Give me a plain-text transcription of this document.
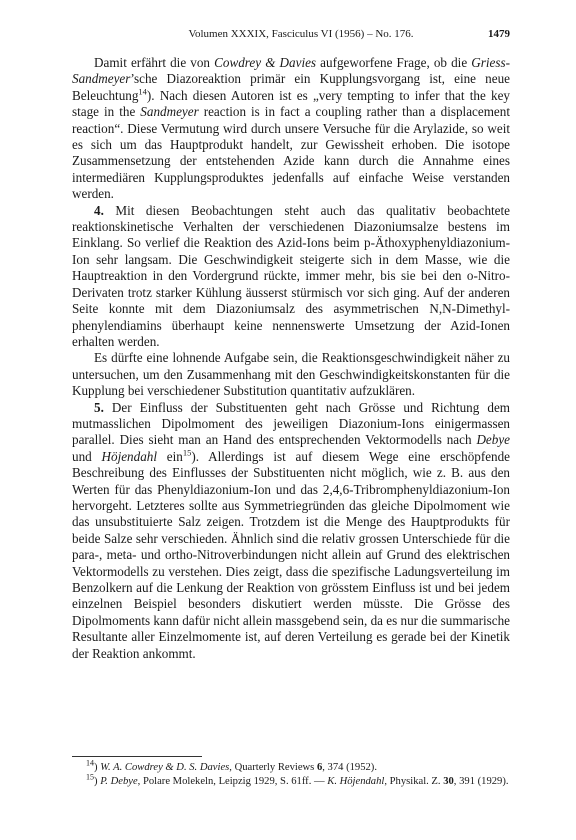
Volumen XXXIX, Fasciculus VI (1956) – No. 176.	1479

Damit erfährt die von Cowdrey & Davies aufgeworfene Frage, ob die Griess-Sandmeyer’sche Diazoreaktion primär ein Kupplungsvorgang ist, eine neue Beleuchtung$^{14}$). Nach diesen Autoren ist es „very tempting to infer that the key stage in the Sandmeyer reaction is in fact a coupling rather than a displacement reaction“. Diese Vermutung wird durch unsere Versuche für die Arylazide, so weit es sich um das Hauptprodukt handelt, zur Gewissheit erhoben. Die isotope Zusammensetzung der entstehenden Azide kann durch die Annahme eines intermediären Kupplungsproduktes jedenfalls auf einfache Weise verstanden werden.

4. Mit diesen Beobachtungen steht auch das qualitativ beobachtete reaktionskinetische Verhalten der verschiedenen Diazoniumsalze bestens im Einklang. So verlief die Reaktion des Azid-Ions beim p-Äthoxyphenyldiazonium-Ion sehr langsam. Die Geschwindigkeit steigerte sich in dem Masse, wie die Hauptreaktion in den Vordergrund rückte, immer mehr, bis sie bei den o-Nitro-Derivaten trotz starker Kühlung äusserst stürmisch vor sich ging. Auf der anderen Seite konnte mit dem Diazoniumsalz des asymmetrischen N,N-Dimethyl-phenylendiamins überhaupt keine nennenswerte Umsetzung der Azid-Ionen erhalten werden.

Es dürfte eine lohnende Aufgabe sein, die Reaktionsgeschwindigkeit näher zu untersuchen, um den Zusammenhang mit den Geschwindigkeitskonstanten für die Kupplung bei verschiedener Substitution quantitativ aufzuklären.

5. Der Einfluss der Substituenten geht nach Grösse und Richtung dem mutmasslichen Dipolmoment des jeweiligen Diazonium-Ions einigermassen parallel. Dies sieht man an Hand des entsprechenden Vektormodells nach Debye und Höjendahl ein$^{15}$). Allerdings ist auf diesem Wege eine erschöpfende Beschreibung des Einflusses der Substituenten nicht möglich, wie z. B. aus den Werten für das Phenyldiazonium-Ion und das 2,4,6-Tribromphenyldiazonium-Ion hervorgeht. Letzteres sollte aus Symmetriegründen das gleiche Dipolmoment wie das unsubstituierte Salz zeigen. Trotzdem ist die Menge des Hauptprodukts für beide Salze sehr verschieden. Ähnlich sind die relativ grossen Unterschiede für die para-, meta- und ortho-Nitroverbindungen nicht allein auf Grund des elektrischen Vektormodells zu verstehen. Dies zeigt, dass die spezifische Ladungsverteilung im Benzolkern auf die Lenkung der Reaktion von grösstem Einfluss ist und bei jedem einzelnen Beispiel besonders diskutiert werden müsste. Die Grösse des Dipolmoments kann dafür nicht allein massgebend sein, da es nur die summarische Resultante aller Einzelmomente ist, auf deren Verteilung es gerade bei der Kinetik der Reaktion ankommt.

$^{14}$) W. A. Cowdrey & D. S. Davies, Quarterly Reviews 6, 374 (1952).

$^{15}$) P. Debye, Polare Molekeln, Leipzig 1929, S. 61ff. — K. Höjendahl, Physikal. Z. 30, 391 (1929).
